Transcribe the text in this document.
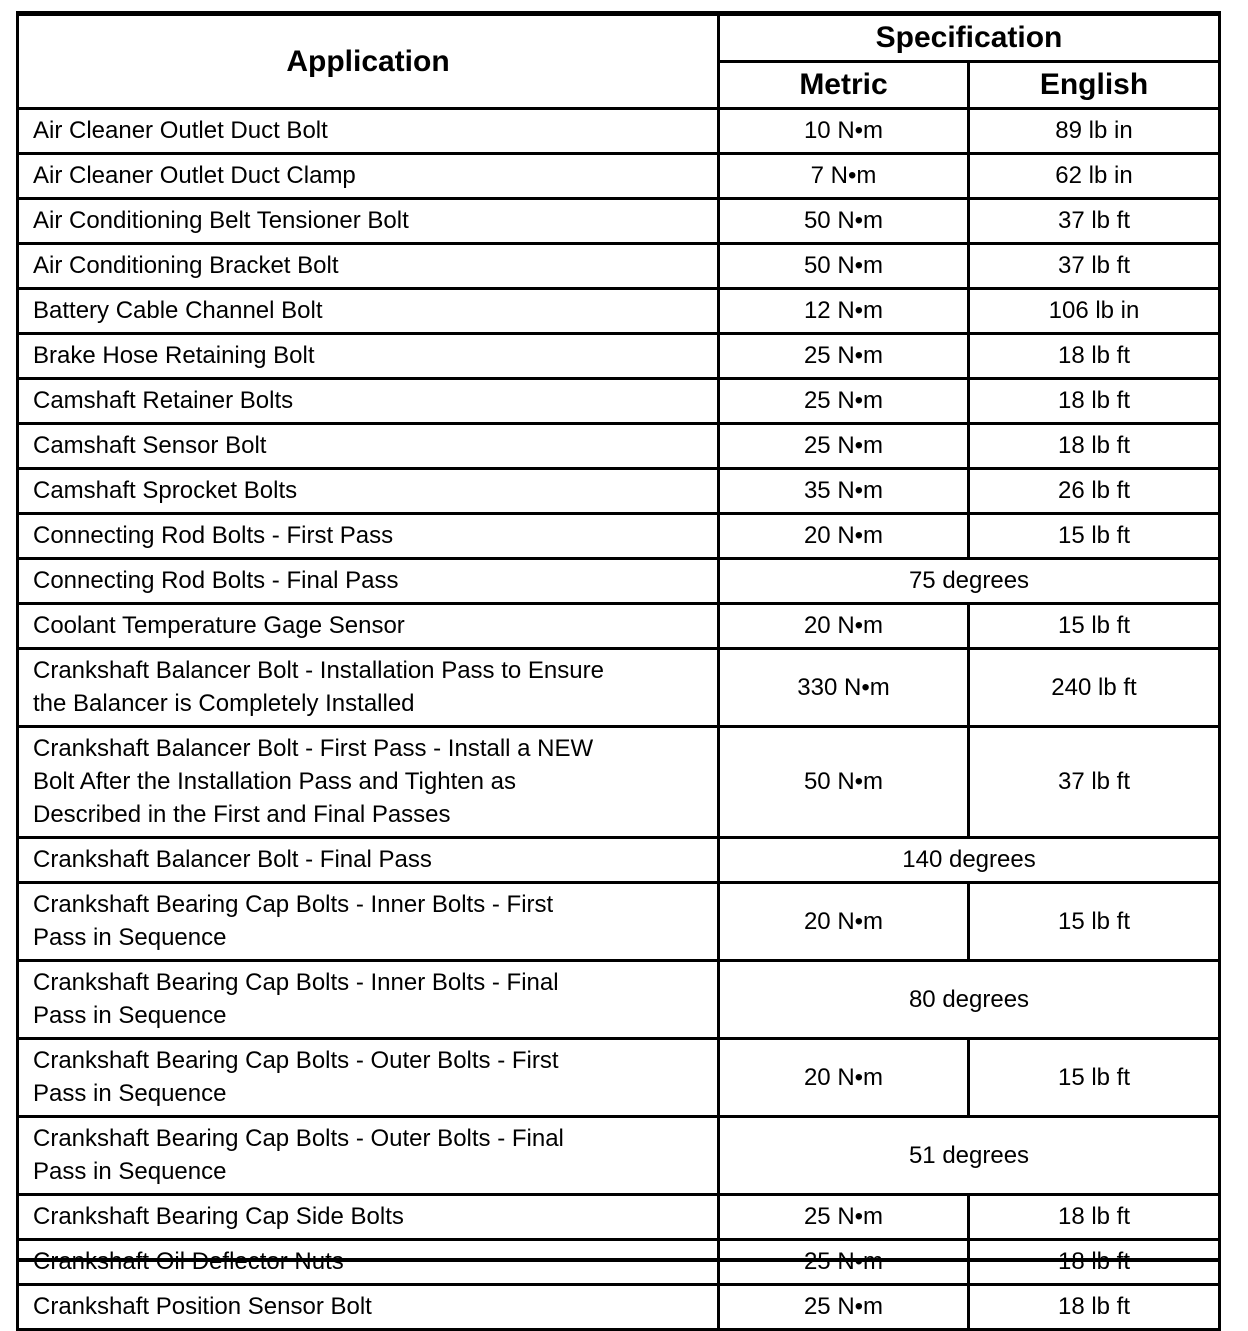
Application	Specification	
	Metric	English
Air Cleaner Outlet Duct Bolt	10 N•m	89 lb in
Air Cleaner Outlet Duct Clamp	7 N•m	62 lb in
Air Conditioning Belt Tensioner Bolt	50 N•m	37 lb ft
Air Conditioning Bracket Bolt	50 N•m	37 lb ft
Battery Cable Channel Bolt	12 N•m	106 lb in
Brake Hose Retaining Bolt	25 N•m	18 lb ft
Camshaft Retainer Bolts	25 N•m	18 lb ft
Camshaft Sensor Bolt	25 N•m	18 lb ft
Camshaft Sprocket Bolts	35 N•m	26 lb ft
Connecting Rod Bolts - First Pass	20 N•m	15 lb ft
Connecting Rod Bolts - Final Pass	75 degrees	
Coolant Temperature Gage Sensor	20 N•m	15 lb ft
Crankshaft Balancer Bolt - Installation Pass to Ensure
the Balancer is Completely Installed	330 N•m	240 lb ft
Crankshaft Balancer Bolt - First Pass - Install a NEW
Bolt After the Installation Pass and Tighten as
Described in the First and Final Passes	50 N•m	37 lb ft
Crankshaft Balancer Bolt - Final Pass	140 degrees	
Crankshaft Bearing Cap Bolts - Inner Bolts - First
Pass in Sequence	20 N•m	15 lb ft
Crankshaft Bearing Cap Bolts - Inner Bolts - Final
Pass in Sequence	80 degrees	
Crankshaft Bearing Cap Bolts - Outer Bolts - First
Pass in Sequence	20 N•m	15 lb ft
Crankshaft Bearing Cap Bolts - Outer Bolts - Final
Pass in Sequence	51 degrees	
Crankshaft Bearing Cap Side Bolts	25 N•m	18 lb ft
Crankshaft Oil Deflector Nuts	25 N•m	18 lb ft
Crankshaft Position Sensor Bolt	25 N•m	18 lb ft
